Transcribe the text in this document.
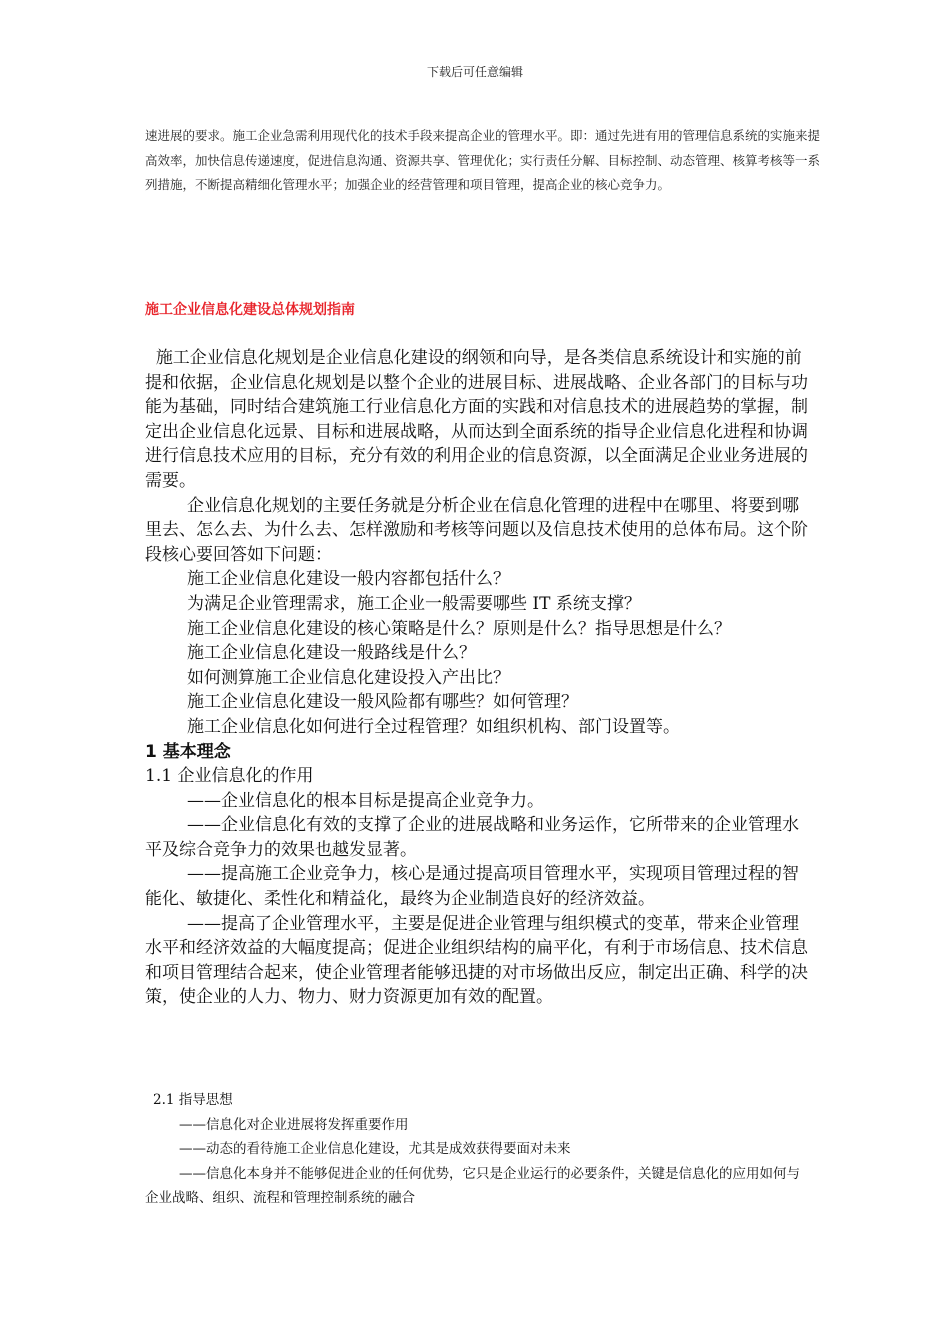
下载后可任意编辑
速进展的要求。施工企业急需利用现代化的技术手段来提高企业的管理水平。即：通过先进有用的管理信息系统的实施来提高效率，加快信息传递速度，促进信息沟通、资源共享、管理优化；实行责任分解、目标控制、动态管理、核算考核等一系列措施，不断提高精细化管理水平；加强企业的经营管理和项目管理，提高企业的核心竞争力。
施工企业信息化建设总体规划指南

施工企业信息化规划是企业信息化建设的纲领和向导，是各类信息系统设计和实施的前提和依据，企业信息化规划是以整个企业的进展目标、进展战略、企业各部门的目标与功能为基础，同时结合建筑施工行业信息化方面的实践和对信息技术的进展趋势的掌握，制定出企业信息化远景、目标和进展战略，从而达到全面系统的指导企业信息化进程和协调进行信息技术应用的目标，充分有效的利用企业的信息资源，以全面满足企业业务进展的需要。

企业信息化规划的主要任务就是分析企业在信息化管理的进程中在哪里、将要到哪里去、怎么去、为什么去、怎样激励和考核等问题以及信息技术使用的总体布局。这个阶段核心要回答如下问题：

施工企业信息化建设一般内容都包括什么？

为满足企业管理需求，施工企业一般需要哪些 IT 系统支撑？

施工企业信息化建设的核心策略是什么？原则是什么？指导思想是什么？

施工企业信息化建设一般路线是什么？

如何测算施工企业信息化建设投入产出比？

施工企业信息化建设一般风险都有哪些？如何管理？

施工企业信息化如何进行全过程管理？如组织机构、部门设置等。

1 基本理念

1.1 企业信息化的作用

——企业信息化的根本目标是提高企业竞争力。

——企业信息化有效的支撑了企业的进展战略和业务运作，它所带来的企业管理水平及综合竞争力的效果也越发显著。

——提高施工企业竞争力，核心是通过提高项目管理水平，实现项目管理过程的智能化、敏捷化、柔性化和精益化，最终为企业制造良好的经济效益。

——提高了企业管理水平，主要是促进企业管理与组织模式的变革，带来企业管理水平和经济效益的大幅度提高；促进企业组织结构的扁平化，有利于市场信息、技术信息和项目管理结合起来，使企业管理者能够迅捷的对市场做出反应，制定出正确、科学的决策，使企业的人力、物力、财力资源更加有效的配置。

2.1 指导思想

——信息化对企业进展将发挥重要作用

——动态的看待施工企业信息化建设，尤其是成效获得要面对未来

——信息化本身并不能够促进企业的任何优势，它只是企业运行的必要条件，关键是信息化的应用如何与企业战略、组织、流程和管理控制系统的融合
